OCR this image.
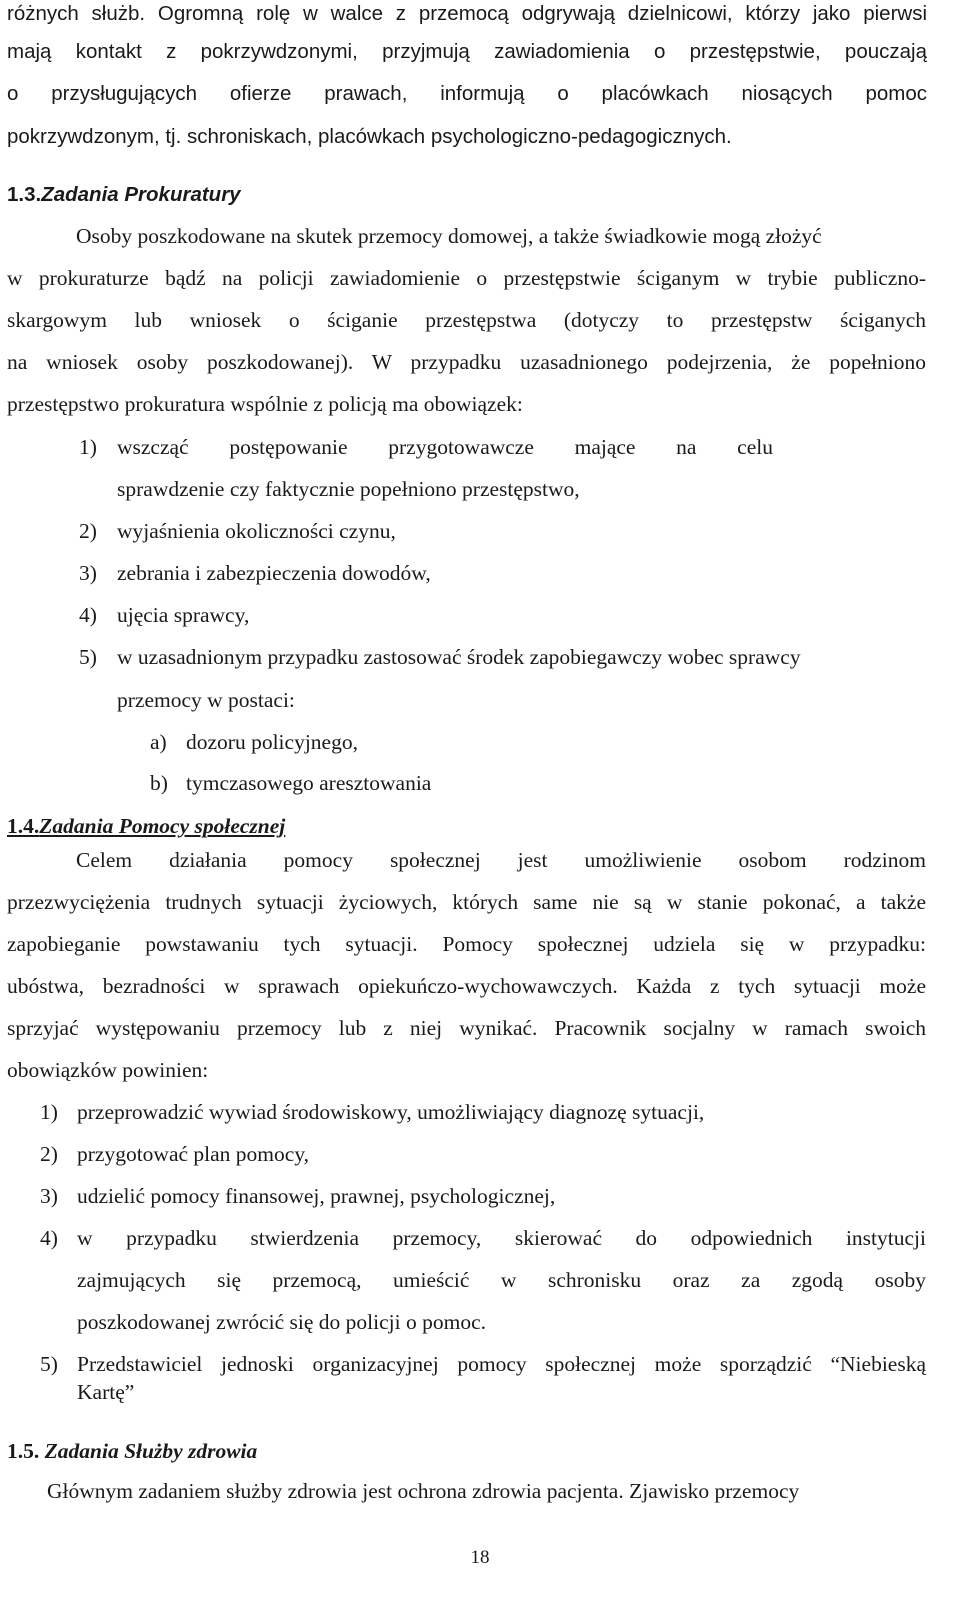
różnych służb. Ogromną rolę w walce z przemocą odgrywają dzielnicowi, którzy jako pierwsi
mają kontakt z pokrzywdzonymi, przyjmują zawiadomienia o przestępstwie, pouczają
o przysługujących ofierze prawach, informują o placówkach niosących pomoc
pokrzywdzonym, tj. schroniskach, placówkach psychologiczno-pedagogicznych.
1.3.Zadania Prokuratury
Osoby poszkodowane na skutek przemocy domowej, a także świadkowie mogą złożyć
w prokuraturze bądź na policji zawiadomienie o przestępstwie ściganym w trybie publiczno-
skargowym lub wniosek o ściganie przestępstwa (dotyczy to przestępstw ściganych
na wniosek osoby poszkodowanej). W przypadku uzasadnionego podejrzenia, że popełniono
przestępstwo prokuratura wspólnie z policją ma obowiązek:
1) wszcząć postępowanie przygotowawcze mające na celu
sprawdzenie czy faktycznie popełniono przestępstwo,
2) wyjaśnienia okoliczności czynu,
3) zebrania i zabezpieczenia dowodów,
4) ujęcia sprawcy,
5) w uzasadnionym przypadku zastosować środek zapobiegawczy wobec sprawcy
przemocy w postaci:
a) dozoru policyjnego,
b) tymczasowego aresztowania
1.4.Zadania Pomocy społecznej
Celem działania pomocy społecznej jest umożliwienie osobom rodzinom
przezwyciężenia trudnych sytuacji życiowych, których same nie są w stanie pokonać, a także
zapobieganie powstawaniu tych sytuacji. Pomocy społecznej udziela się w przypadku:
ubóstwa, bezradności w sprawach opiekuńczo-wychowawczych. Każda z tych sytuacji może
sprzyjać występowaniu przemocy lub z niej wynikać. Pracownik socjalny w ramach swoich
obowiązków powinien:
1) przeprowadzić wywiad środowiskowy, umożliwiający diagnozę sytuacji,
2) przygotować plan pomocy,
3) udzielić pomocy finansowej, prawnej, psychologicznej,
4) w przypadku stwierdzenia przemocy, skierować do odpowiednich instytucji
zajmujących się przemocą, umieścić w schronisku oraz za zgodą osoby
poszkodowanej zwrócić się do policji o pomoc.
5) Przedstawiciel jednoski organizacyjnej pomocy społecznej może sporządzić “Niebieską
Kartę”
1.5. Zadania Służby zdrowia
Głównym zadaniem służby zdrowia jest ochrona zdrowia pacjenta. Zjawisko przemocy
18
